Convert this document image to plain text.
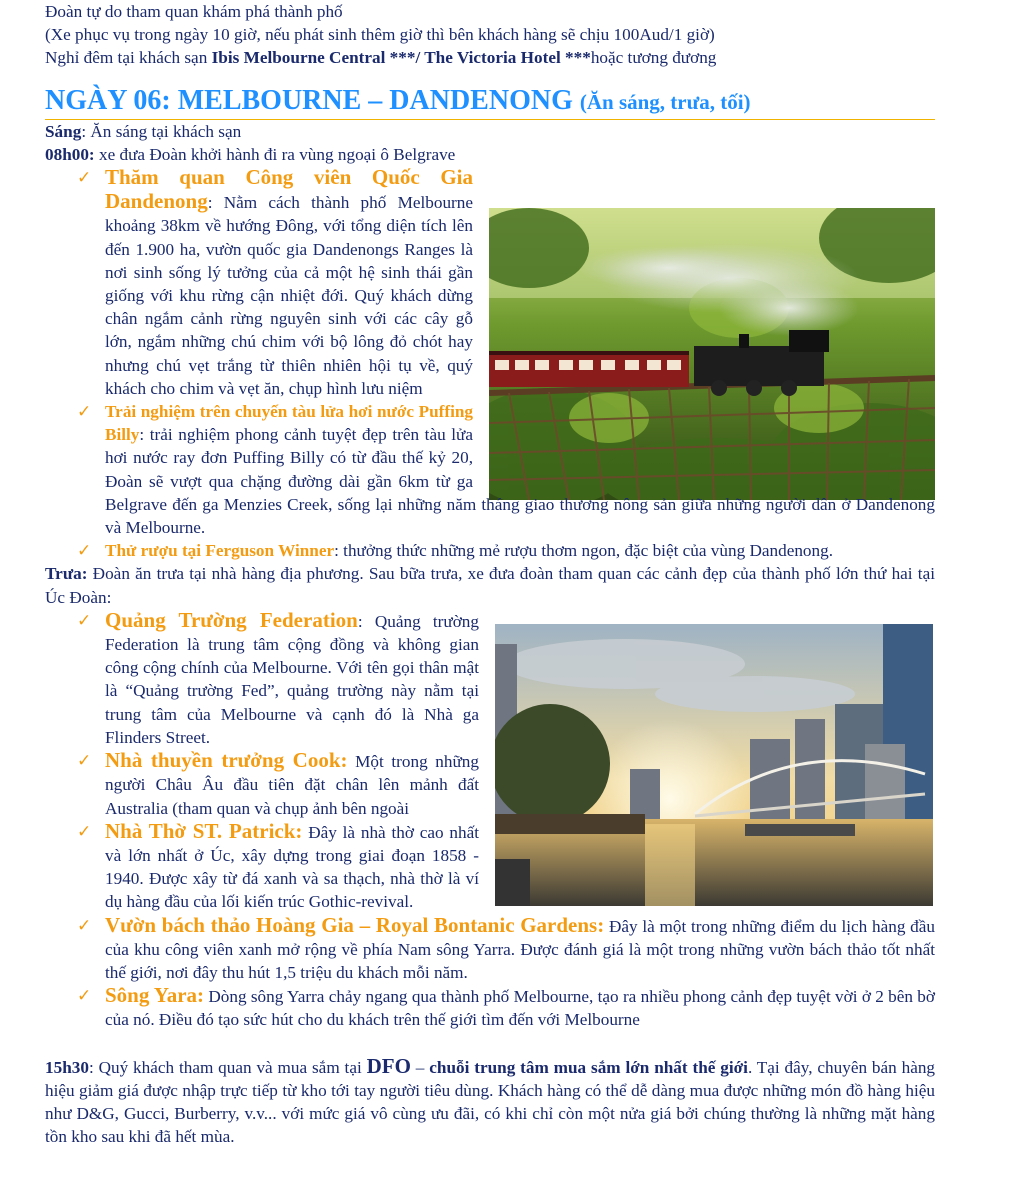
Đoàn tự do tham quan khám phá thành phố

(Xe phục vụ trong ngày 10 giờ, nếu phát sinh thêm giờ thì bên khách hàng sẽ chịu 100Aud/1 giờ)

Nghỉ đêm tại khách sạn Ibis Melbourne Central ***/ The Victoria Hotel ***hoặc tương đương

NGÀY 06: MELBOURNE – DANDENONG (Ăn sáng, trưa, tối)

Sáng: Ăn sáng tại khách sạn

08h00: xe đưa Đoàn khởi hành đi ra vùng ngoại ô Belgrave

✓ Thăm quan Công viên Quốc Gia Dandenong: Nằm cách thành phố Melbourne khoảng 38km về hướng Đông, với tổng diện tích lên đến 1.900 ha, vườn quốc gia Dandenongs Ranges là nơi sinh sống lý tưởng của cả một hệ sinh thái gần giống với khu rừng cận nhiệt đới. Quý khách dừng chân ngắm cảnh rừng nguyên sinh với các cây gỗ lớn, ngắm những chú chim với bộ lông đỏ chót hay nhưng chú vẹt trắng từ thiên nhiên hội tụ về, quý khách cho chim và vẹt ăn, chụp hình lưu niệm
✓ Trải nghiệm trên chuyến tàu lửa hơi nước Puffing Billy: trải nghiệm phong cảnh tuyệt đẹp trên tàu lửa hơi nước ray đơn Puffing Billy có từ đầu thế kỷ 20, Đoàn sẽ vượt qua chặng đường dài gần 6km từ ga Belgrave đến ga Menzies Creek, sống lại những năm tháng giao thương nông sản giữa những người dân ở Dandenong và Melbourne.
✓ Thử rượu tại Ferguson Winner: thưởng thức những mẻ rượu thơm ngon, đặc biệt của vùng Dandenong.

Trưa: Đoàn ăn trưa tại nhà hàng địa phương. Sau bữa trưa, xe đưa đoàn tham quan các cảnh đẹp của thành phố lớn thứ hai tại Úc Đoàn:

✓ Quảng Trường Federation: Quảng trường Federation là trung tâm cộng đồng và không gian công cộng chính của Melbourne. Với tên gọi thân mật là “Quảng trường Fed”, quảng trường này nằm tại trung tâm của Melbourne và cạnh đó là Nhà ga Flinders Street.
✓ Nhà thuyền trưởng Cook: Một trong những người Châu Âu đầu tiên đặt chân lên mảnh đất Australia (tham quan và chụp ảnh bên ngoài
✓ Nhà Thờ ST. Patrick: Đây là nhà thờ cao nhất và lớn nhất ở Úc, xây dựng trong giai đoạn 1858 - 1940. Được xây từ đá xanh và sa thạch, nhà thờ là ví dụ hàng đầu của lối kiến trúc Gothic-revival.
✓ Vườn bách thảo Hoàng Gia – Royal Bontanic Gardens: Đây là một trong những điểm du lịch hàng đầu của khu công viên xanh mở rộng về phía Nam sông Yarra. Được đánh giá là một trong những vườn bách thảo tốt nhất thế giới, nơi đây thu hút 1,5 triệu du khách mỗi năm.
✓ Sông Yara: Dòng sông Yarra chảy ngang qua thành phố Melbourne, tạo ra nhiều phong cảnh đẹp tuyệt vời ở 2 bên bờ của nó. Điều đó tạo sức hút cho du khách trên thế giới tìm đến với Melbourne

15h30: Quý khách tham quan và mua sắm tại DFO – chuỗi trung tâm mua sắm lớn nhất thế giới. Tại đây, chuyên bán hàng hiệu giảm giá được nhập trực tiếp từ kho tới tay người tiêu dùng. Khách hàng có thể dễ dàng mua được những món đồ hàng hiệu như D&G, Gucci, Burberry, v.v... với mức giá vô cùng ưu đãi, có khi chỉ còn một nửa giá bởi chúng thường là những mặt hàng tồn kho sau khi đã hết mùa.
